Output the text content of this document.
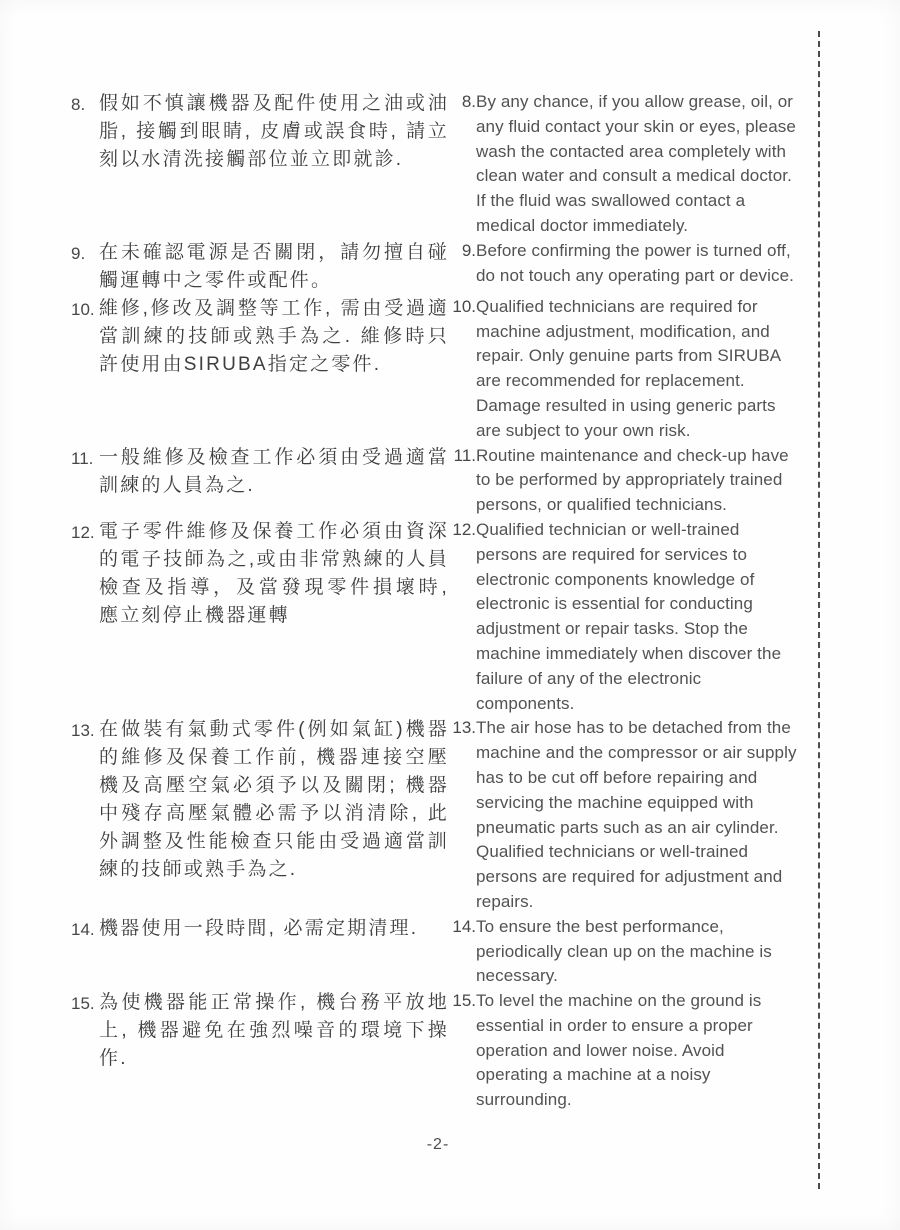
8. 假如不慎讓機器及配件使用之油或油脂, 接觸到眼睛, 皮膚或誤食時, 請立刻以水清洗接觸部位並立即就診.

8. By any chance, if you allow grease, oil, or any fluid contact your skin or eyes, please wash the contacted area completely with clean water and consult a medical doctor. If the fluid was swallowed contact a medical doctor immediately.

9. 在未確認電源是否關閉，請勿擅自碰觸運轉中之零件或配件。

9. Before confirming the power is turned off, do not touch any operating part or device.

10. 維修,修改及調整等工作, 需由受過適當訓練的技師或熟手為之. 維修時只許使用由SIRUBA指定之零件.

10. Qualified technicians are required for machine adjustment, modification, and repair. Only genuine parts from SIRUBA are recommended for replacement. Damage resulted in using generic parts are subject to your own risk.

11. 一般維修及檢查工作必須由受過適當訓練的人員為之.

11. Routine maintenance and check-up have to be performed by appropriately trained persons, or qualified technicians.

12. 電子零件維修及保養工作必須由資深的電子技師為之,或由非常熟練的人員檢查及指導，及當發現零件損壞時, 應立刻停止機器運轉

12. Qualified technician or well-trained persons are required for services to electronic components knowledge of electronic is essential for conducting adjustment or repair tasks. Stop the machine immediately when discover the failure of any of the electronic components.

13. 在做裝有氣動式零件(例如氣缸)機器的維修及保養工作前, 機器連接空壓機及高壓空氣必須予以及關閉; 機器中殘存高壓氣體必需予以消清除, 此外調整及性能檢查只能由受過適當訓練的技師或熟手為之.

13. The air hose has to be detached from the machine and the compressor or air supply has to be cut off before repairing and servicing the machine equipped with pneumatic parts such as an air cylinder. Qualified technicians or well-trained persons are required for adjustment and repairs.

14. 機器使用一段時間, 必需定期清理.	14. To ensure the best performance, periodically clean up on the machine is necessary.

15. 為使機器能正常操作, 機台務平放地上, 機器避免在強烈噪音的環境下操作.

15. To level the machine on the ground is essential in order to ensure a proper operation and lower noise. Avoid operating a machine at a noisy surrounding.

-2-
